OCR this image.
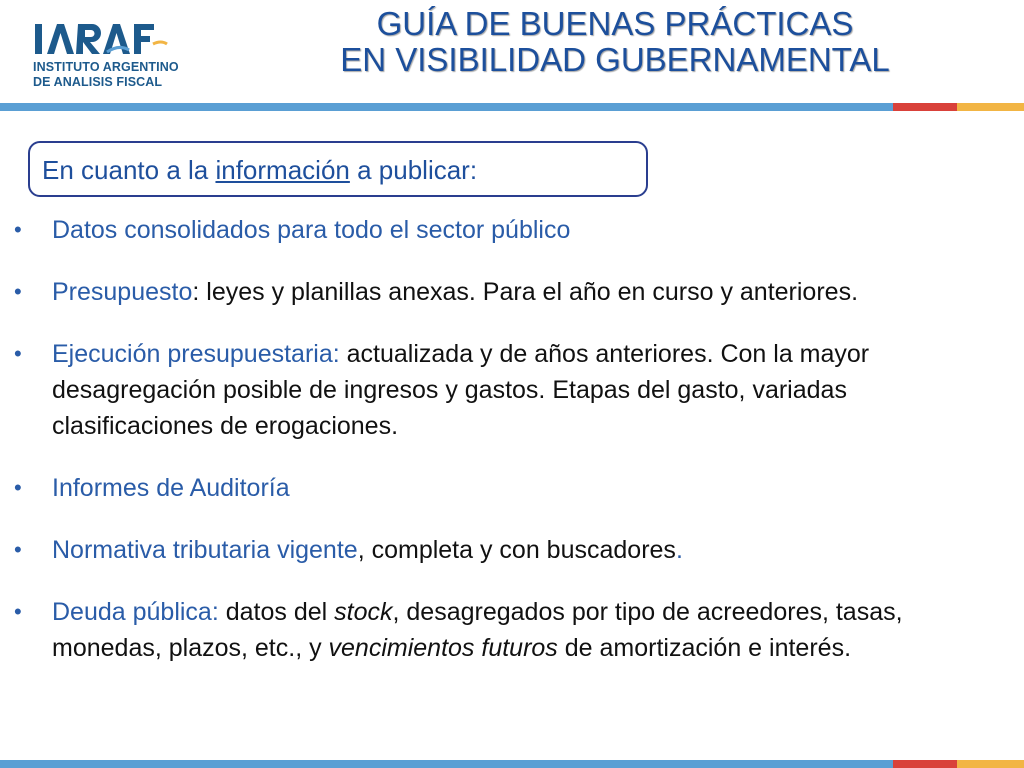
INSTITUTO ARGENTINO
DE ANALISIS FISCAL
GUÍA DE BUENAS PRÁCTICAS
EN VISIBILIDAD GUBERNAMENTAL
En cuanto a la información a publicar:
• Datos consolidados para todo el sector público
• Presupuesto: leyes y planillas anexas. Para el año en curso y anteriores.
• Ejecución presupuestaria: actualizada y de años anteriores. Con la mayor desagregación posible de ingresos y gastos. Etapas del gasto, variadas clasificaciones de erogaciones.
• Informes de Auditoría
• Normativa tributaria vigente, completa y con buscadores.
• Deuda pública: datos del stock, desagregados por tipo de acreedores, tasas, monedas, plazos, etc., y vencimientos futuros de amortización e interés.
